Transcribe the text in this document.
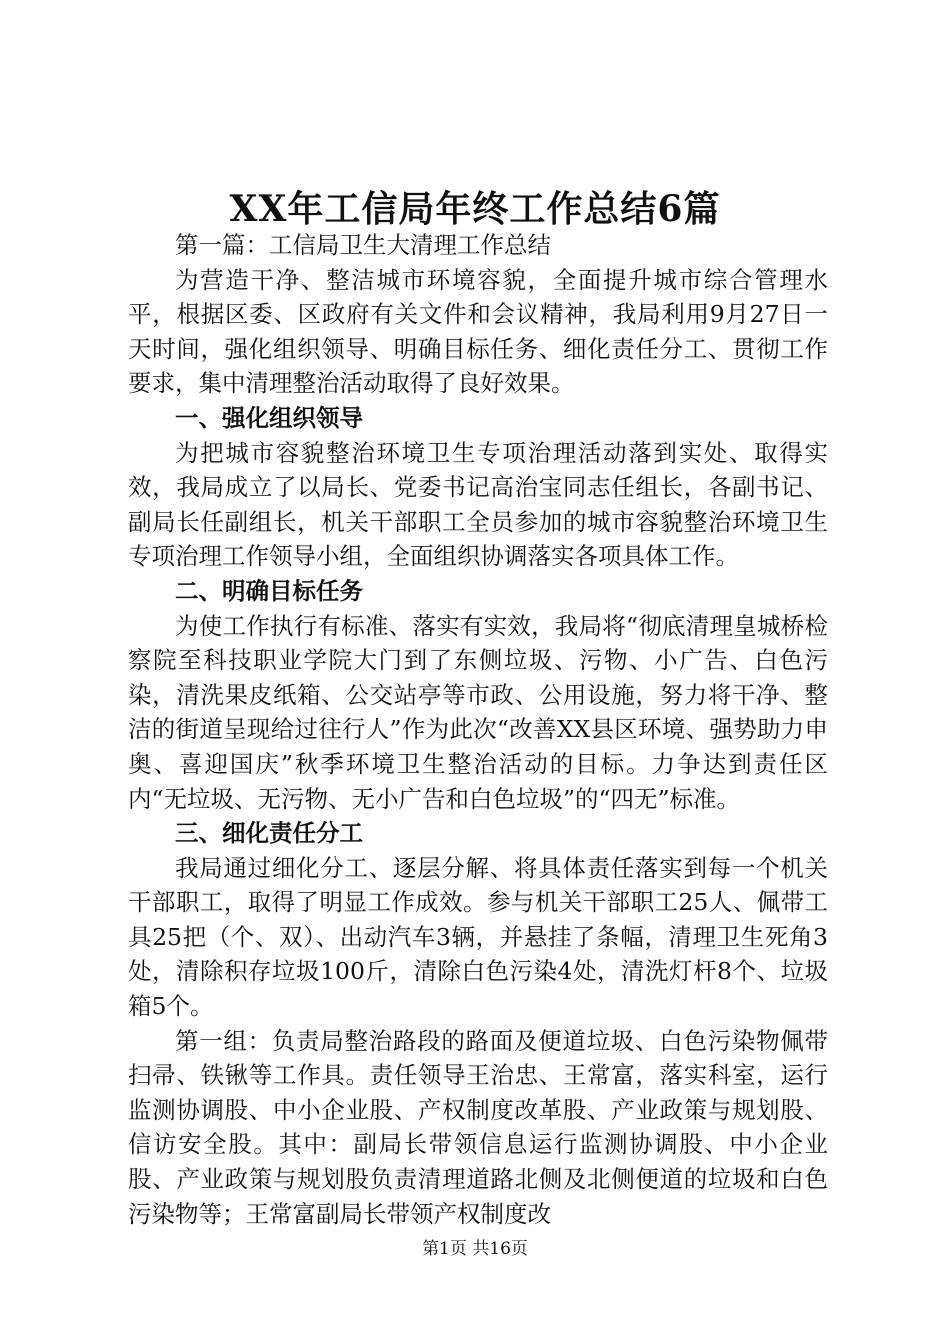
XX年工信局年终工作总结6篇

第一篇：工信局卫生大清理工作总结

为营造干净、整洁城市环境容貌，全面提升城市综合管理水平，根据区委、区政府有关文件和会议精神，我局利用9月27日一天时间，强化组织领导、明确目标任务、细化责任分工、贯彻工作要求，集中清理整治活动取得了良好效果。

一、强化组织领导

为把城市容貌整治环境卫生专项治理活动落到实处、取得实效，我局成立了以局长、党委书记高治宝同志任组长，各副书记、副局长任副组长，机关干部职工全员参加的城市容貌整治环境卫生专项治理工作领导小组，全面组织协调落实各项具体工作。

二、明确目标任务

为使工作执行有标准、落实有实效，我局将“彻底清理皇城桥检察院至科技职业学院大门到了东侧垃圾、污物、小广告、白色污染，清洗果皮纸箱、公交站亭等市政、公用设施，努力将干净、整洁的街道呈现给过往行人”作为此次“改善XX县区环境、强势助力申奥、喜迎国庆”秋季环境卫生整治活动的目标。力争达到责任区内“无垃圾、无污物、无小广告和白色垃圾”的“四无”标准。

三、细化责任分工

我局通过细化分工、逐层分解、将具体责任落实到每一个机关干部职工，取得了明显工作成效。参与机关干部职工25人、佩带工具25把（个、双）、出动汽车3辆，并悬挂了条幅，清理卫生死角3处，清除积存垃圾100斤，清除白色污染4处，清洗灯杆8个、垃圾箱5个。

第一组：负责局整治路段的路面及便道垃圾、白色污染物佩带扫帚、铁锹等工作具。责任领导王治忠、王常富，落实科室，运行监测协调股、中小企业股、产权制度改革股、产业政策与规划股、信访安全股。其中：副局长带领信息运行监测协调股、中小企业股、产业政策与规划股负责清理道路北侧及北侧便道的垃圾和白色污染物等；王常富副局长带领产权制度改

第1页 共16页
